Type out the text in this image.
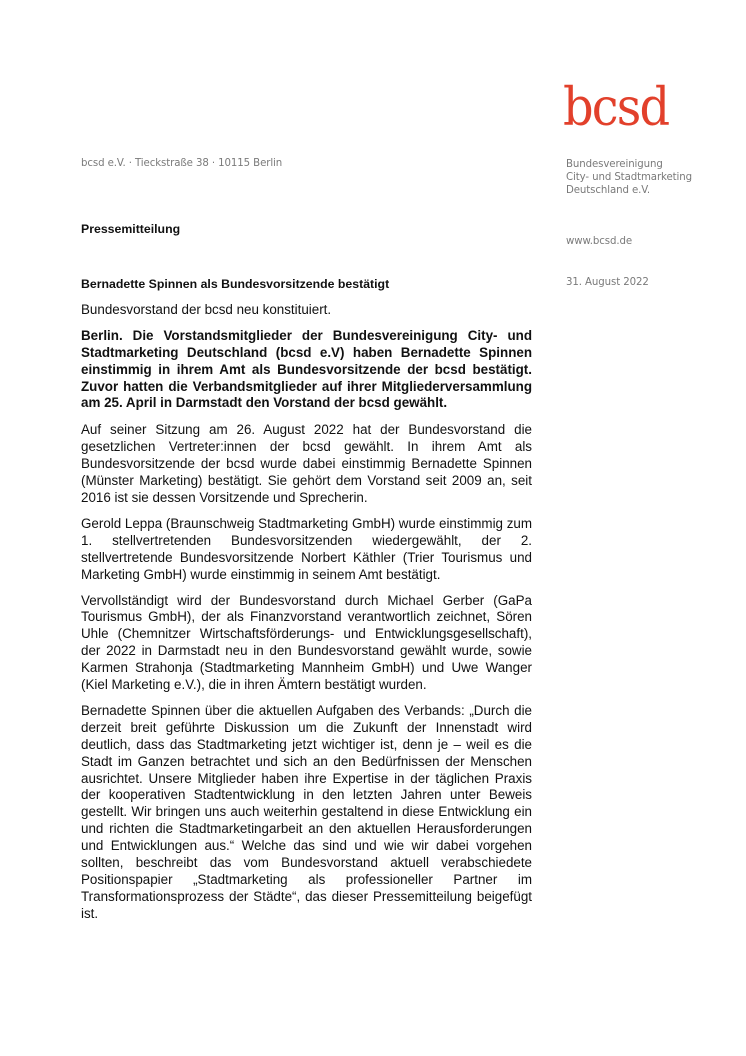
bcsd
Bundesvereinigung
City- und Stadtmarketing
Deutschland e.V.
www.bcsd.de
31. August 2022
bcsd e.V. · Tieckstraße 38 · 10115 Berlin
Pressemitteilung

Bernadette Spinnen als Bundesvorsitzende bestätigt

Bundesvorstand der bcsd neu konstituiert.

Berlin. Die Vorstandsmitglieder der Bundesvereinigung City- und Stadtmarketing Deutschland (bcsd e.V) haben Bernadette Spinnen einstimmig in ihrem Amt als Bundesvorsitzende der bcsd bestätigt. Zuvor hatten die Verbandsmitglieder auf ihrer Mitgliederversammlung am 25. April in Darmstadt den Vorstand der bcsd gewählt.

Auf seiner Sitzung am 26. August 2022 hat der Bundesvorstand die gesetzlichen Vertreter:innen der bcsd gewählt. In ihrem Amt als Bundesvorsitzende der bcsd wurde dabei einstimmig Bernadette Spinnen (Münster Marketing) bestätigt. Sie gehört dem Vorstand seit 2009 an, seit 2016 ist sie dessen Vorsitzende und Sprecherin.

Gerold Leppa (Braunschweig Stadtmarketing GmbH) wurde einstimmig zum 1. stellvertretenden Bundesvorsitzenden wiedergewählt, der 2. stellvertretende Bundesvorsitzende Norbert Käthler (Trier Tourismus und Marketing GmbH) wurde einstimmig in seinem Amt bestätigt.

Vervollständigt wird der Bundesvorstand durch Michael Gerber (GaPa Tourismus GmbH), der als Finanzvorstand verantwortlich zeichnet, Sören Uhle (Chemnitzer Wirtschaftsförderungs- und Entwicklungsgesellschaft), der 2022 in Darmstadt neu in den Bundesvorstand gewählt wurde, sowie Karmen Strahonja (Stadtmarketing Mannheim GmbH) und Uwe Wanger (Kiel Marketing e.V.), die in ihren Ämtern bestätigt wurden.

Bernadette Spinnen über die aktuellen Aufgaben des Verbands: „Durch die derzeit breit geführte Diskussion um die Zukunft der Innenstadt wird deutlich, dass das Stadtmarketing jetzt wichtiger ist, denn je – weil es die Stadt im Ganzen betrachtet und sich an den Bedürfnissen der Menschen ausrichtet. Unsere Mitglieder haben ihre Expertise in der täglichen Praxis der kooperativen Stadtentwicklung in den letzten Jahren unter Beweis gestellt. Wir bringen uns auch weiterhin gestaltend in diese Entwicklung ein und richten die Stadtmarketingarbeit an den aktuellen Herausforderungen und Entwicklungen aus.“ Welche das sind und wie wir dabei vorgehen sollten, beschreibt das vom Bundesvorstand aktuell verabschiedete Positionspapier „Stadtmarketing als professioneller Partner im Transformationsprozess der Städte“, das dieser Pressemitteilung beigefügt ist.
